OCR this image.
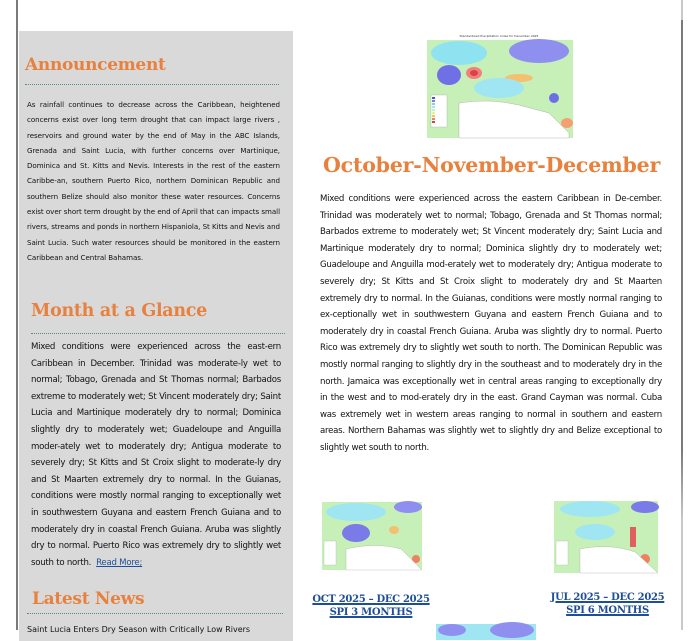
Announcement
As rainfall continues to decrease across the Caribbean, heightened concerns exist over long term drought that can impact large rivers , reservoirs and ground water by the end of May in the ABC Islands, Grenada and Saint Lucia, with further concerns over Martinique, Dominica and St. Kitts and Nevis. Interests in the rest of the eastern Caribbe-an, southern Puerto Rico, northern Dominican Republic and southern Belize should also monitor these water resources. Concerns exist over short term drought by the end of April that can impacts small rivers, streams and ponds in northern Hispaniola, St Kitts and Nevis and Saint Lucia. Such water resources should be monitored in the eastern Caribbean and Central Bahamas.
Month at a Glance
Mixed conditions were experienced across the east-ern Caribbean in December. Trinidad was moderate-ly wet to normal; Tobago, Grenada and St Thomas normal; Barbados extreme to moderately wet; St Vincent moderately dry; Saint Lucia and Martinique moderately dry to normal; Dominica slightly dry to moderately wet; Guadeloupe and Anguilla moder-ately wet to moderately dry; Antigua moderate to severely dry; St Kitts and St Croix slight to moderate-ly dry and St Maarten extremely dry to normal. In the Guianas, conditions were mostly normal ranging to exceptionally wet in southwestern Guyana and eastern French Guiana and to moderately dry in coastal French Guiana. Aruba was slightly dry to normal. Puerto Rico was extremely dry to slightly wet south to north. Read More;
Latest News
Saint Lucia Enters Dry Season with Critically Low Rivers
Standardized Precipitation Index for December 2025
October-November-December
Mixed conditions were experienced across the eastern Caribbean in De-cember. Trinidad was moderately wet to normal; Tobago, Grenada and St Thomas normal; Barbados extreme to moderately wet; St Vincent moderately dry; Saint Lucia and Martinique moderately dry to normal; Dominica slightly dry to moderately wet; Guadeloupe and Anguilla mod-erately wet to moderately dry; Antigua moderate to severely dry; St Kitts and St Croix slight to moderately dry and St Maarten extremely dry to normal. In the Guianas, conditions were mostly normal ranging to ex-ceptionally wet in southwestern Guyana and eastern French Guiana and to moderately dry in coastal French Guiana. Aruba was slightly dry to normal. Puerto Rico was extremely dry to slightly wet south to north. The Dominican Republic was mostly normal ranging to slightly dry in the southeast and to moderately dry in the north. Jamaica was exceptionally wet in central areas ranging to exceptionally dry in the west and to mod-erately dry in the east. Grand Cayman was normal. Cuba was extremely wet in western areas ranging to normal in southern and eastern areas. Northern Bahamas was slightly wet to slightly dry and Belize exceptional to slightly wet south to north.
OCT 2025 – DEC 2025
SPI 3 MONTHS
JUL 2025 – DEC 2025
SPI 6 MONTHS
